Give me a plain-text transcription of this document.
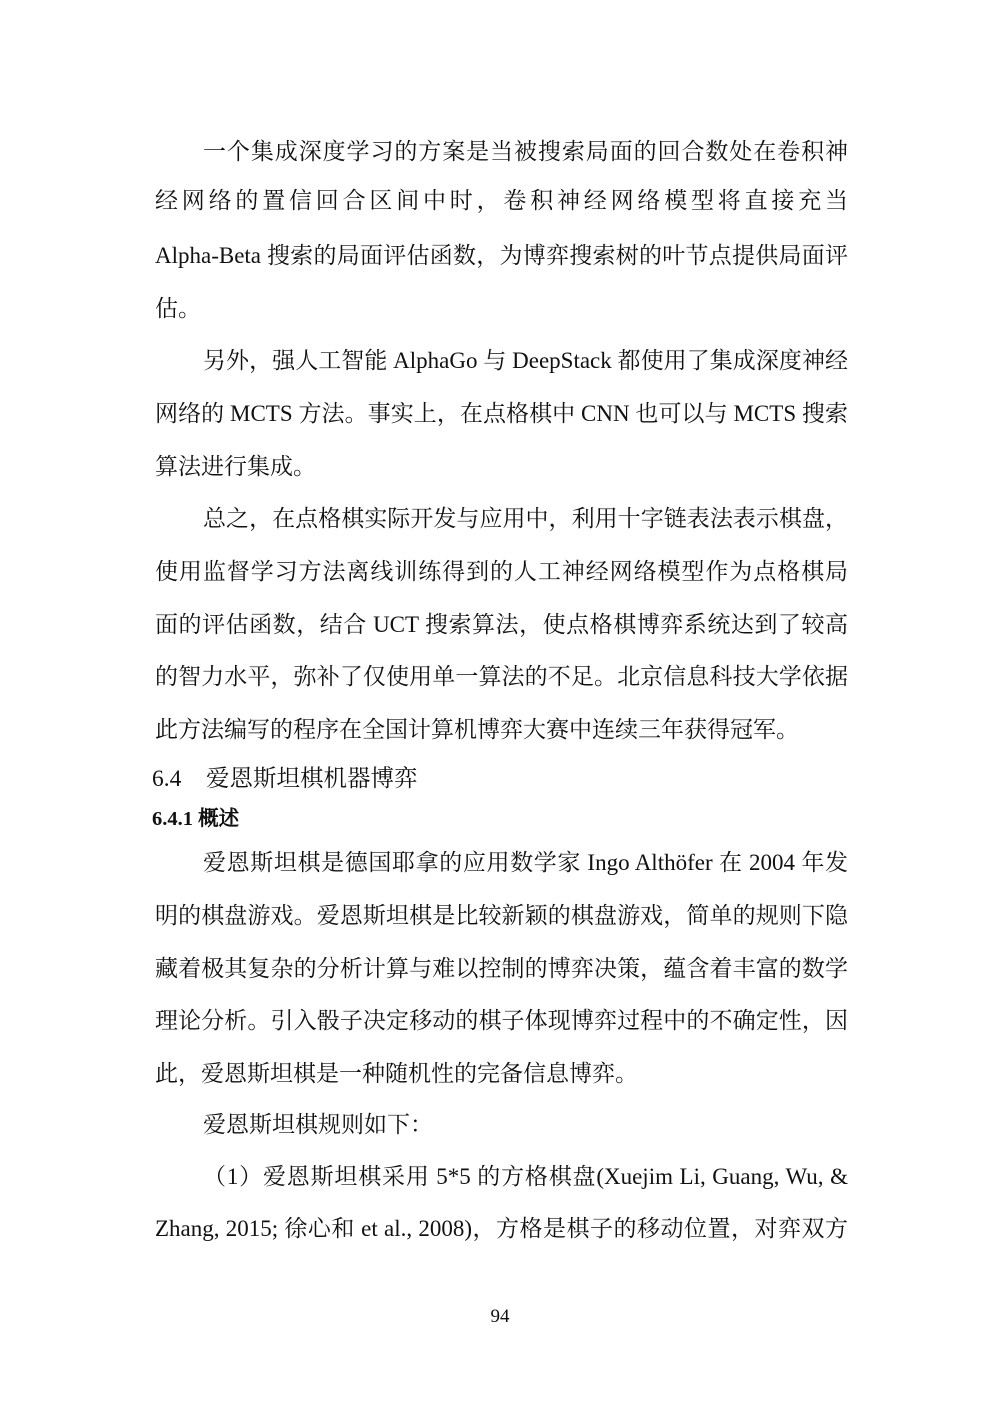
一个集成深度学习的方案是当被搜索局面的回合数处在卷积神
经网络的置信回合区间中时，卷积神经网络模型将直接充当
Alpha-Beta 搜索的局面评估函数，为博弈搜索树的叶节点提供局面评
估。
另外，强人工智能 AlphaGo 与 DeepStack 都使用了集成深度神经
网络的 MCTS 方法。事实上，在点格棋中 CNN 也可以与 MCTS 搜索
算法进行集成。
总之，在点格棋实际开发与应用中，利用十字链表法表示棋盘，
使用监督学习方法离线训练得到的人工神经网络模型作为点格棋局
面的评估函数，结合 UCT 搜索算法，使点格棋博弈系统达到了较高
的智力水平，弥补了仅使用单一算法的不足。北京信息科技大学依据
此方法编写的程序在全国计算机博弈大赛中连续三年获得冠军。
6.4 爱恩斯坦棋机器博弈
6.4.1 概述
爱恩斯坦棋是德国耶拿的应用数学家 Ingo Althöfer 在 2004 年发
明的棋盘游戏。爱恩斯坦棋是比较新颖的棋盘游戏，简单的规则下隐
藏着极其复杂的分析计算与难以控制的博弈决策，蕴含着丰富的数学
理论分析。引入骰子决定移动的棋子体现博弈过程中的不确定性，因
此，爱恩斯坦棋是一种随机性的完备信息博弈。
爱恩斯坦棋规则如下：
（1）爱恩斯坦棋采用 5*5 的方格棋盘(Xuejim Li, Guang, Wu, &
Zhang, 2015; 徐心和 et al., 2008)，方格是棋子的移动位置，对弈双方
94
